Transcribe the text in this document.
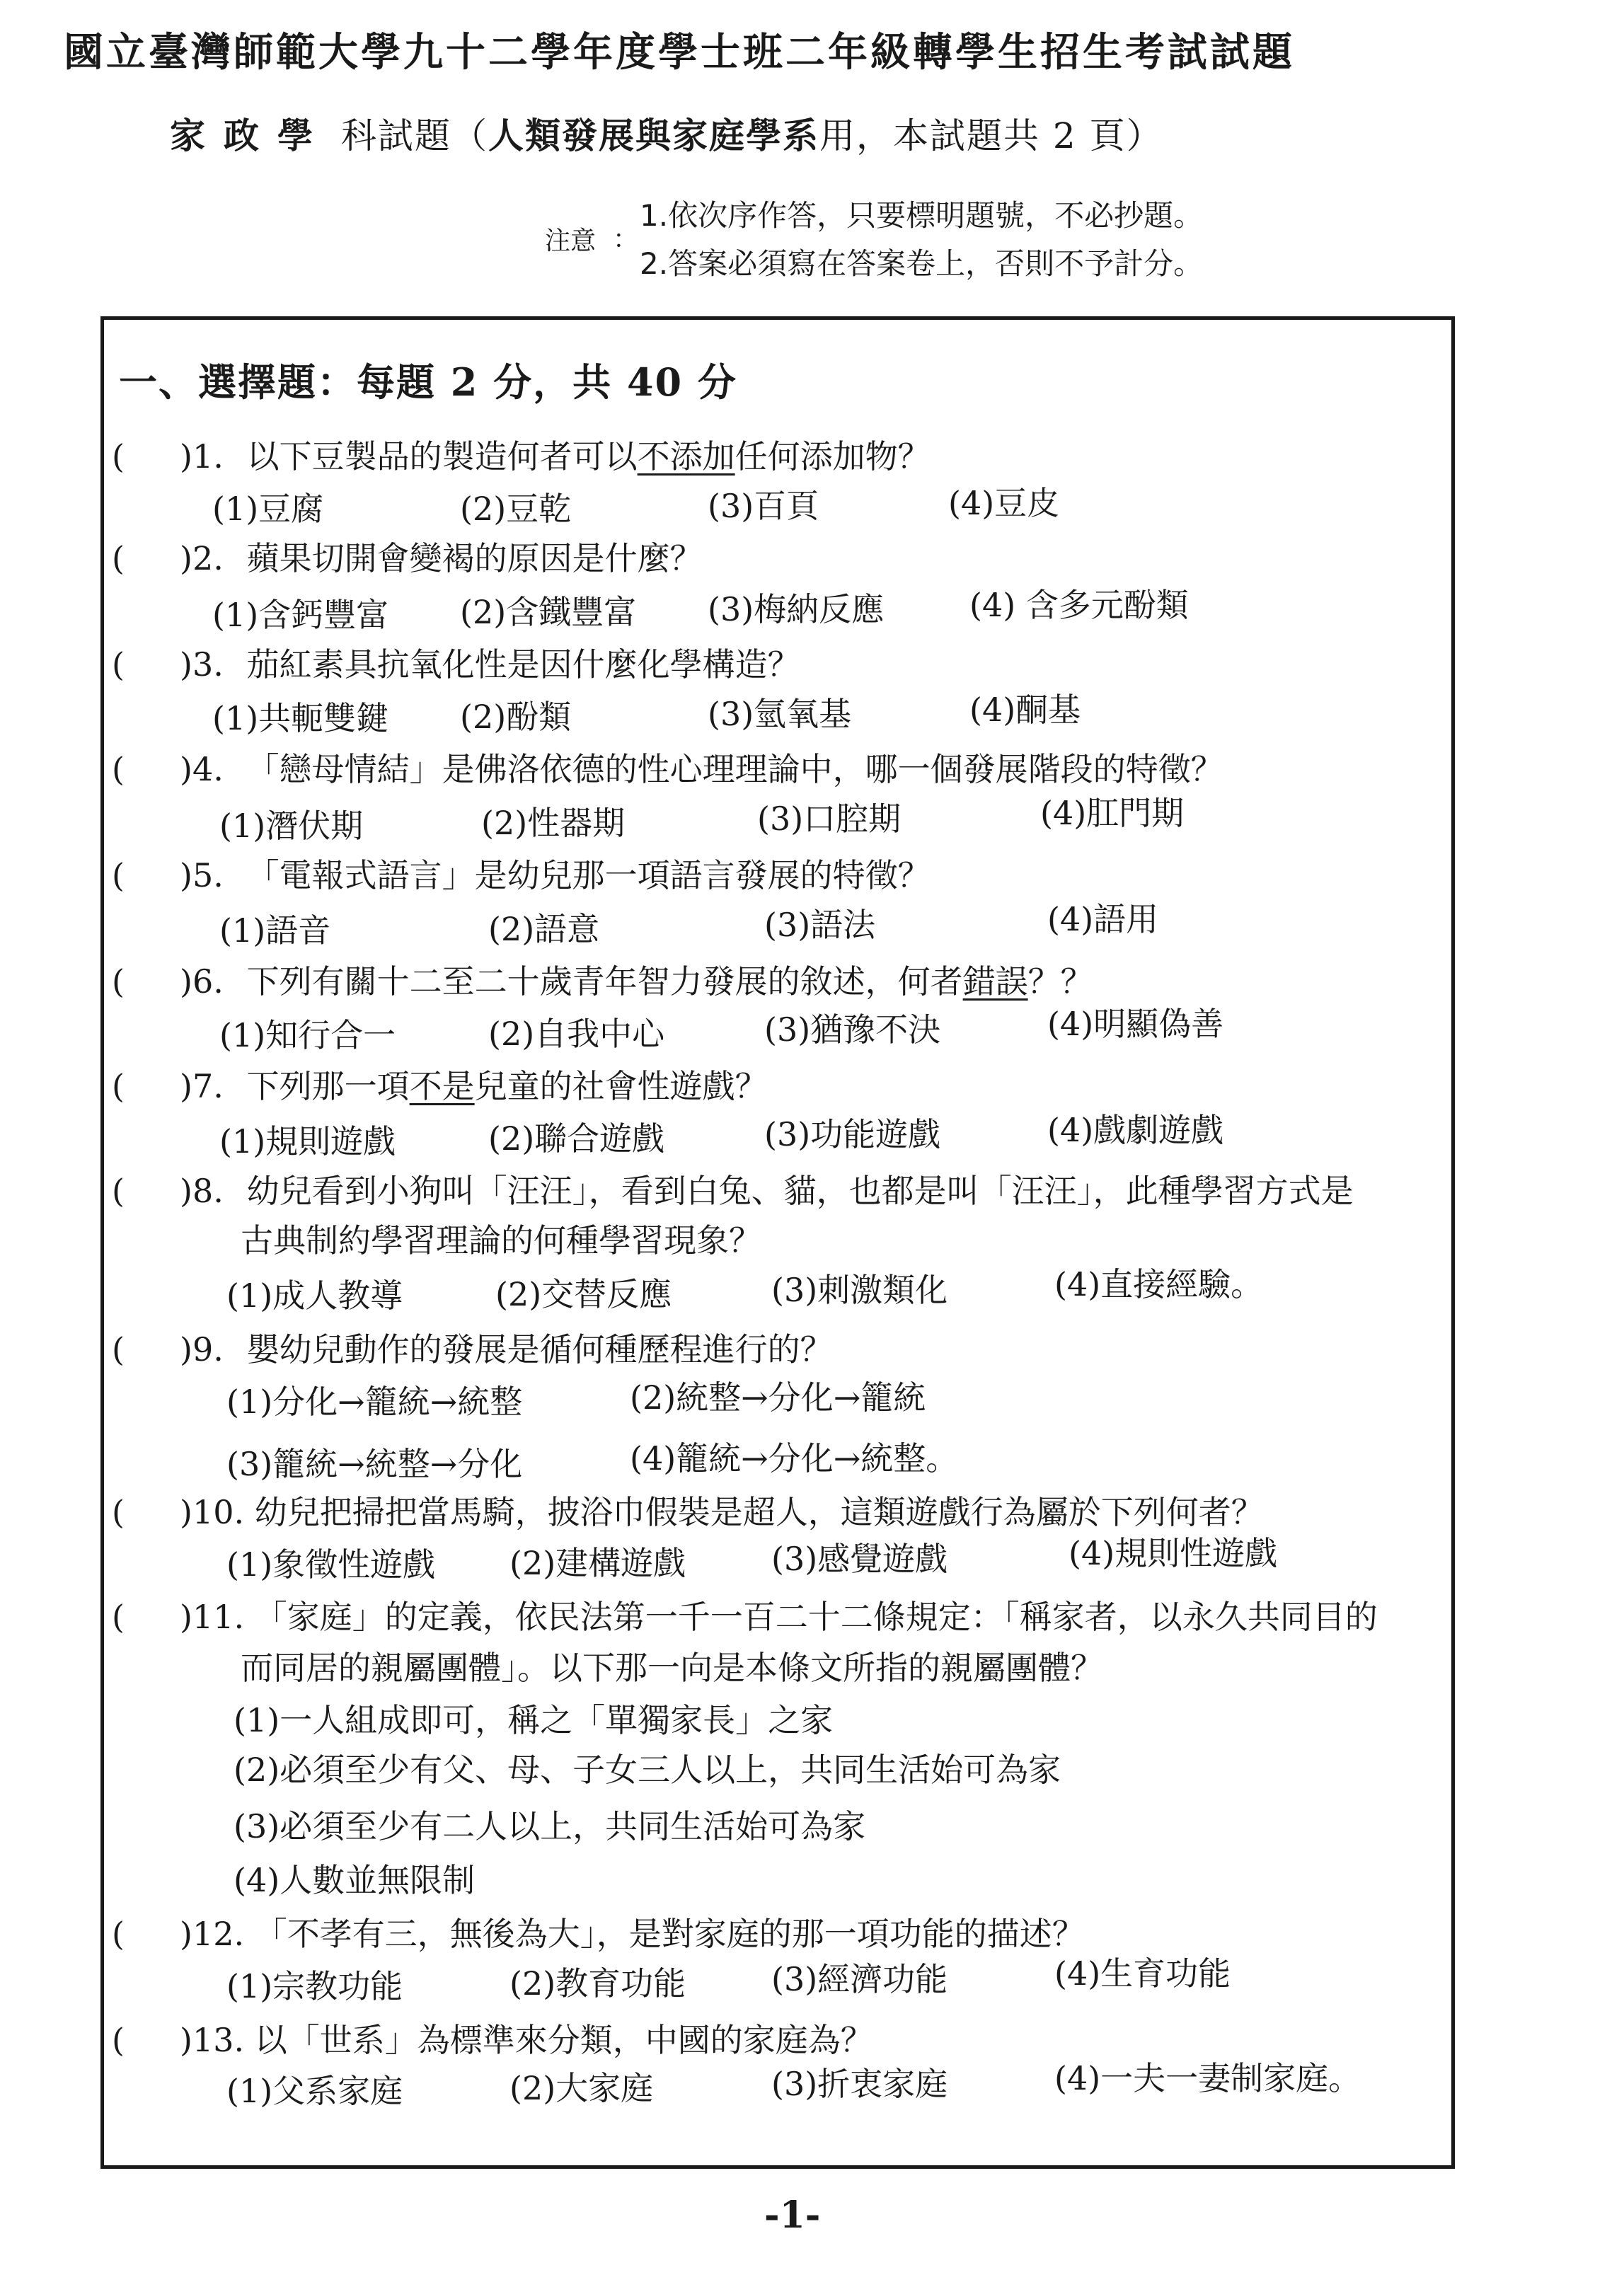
國立臺灣師範大學九十二學年度學士班二年級轉學生招生考試試題
家政學 科試題（人類發展與家庭學系用，本試題共 2 頁）
注意 ：
1.依次序作答，只要標明題號，不必抄題。
2.答案必須寫在答案卷上，否則不予計分。
一、選擇題：每題 2 分，共 40 分
( )1. 以下豆製品的製造何者可以不添加任何添加物？
(1)豆腐	(2)豆乾	(3)百頁	(4)豆皮
( )2. 蘋果切開會變褐的原因是什麼？
(1)含鈣豐富 (2)含鐵豐富 (3)梅納反應	(4) 含多元酚類
( )3. 茄紅素具抗氧化性是因什麼化學構造？
(1)共軛雙鍵 (2)酚類	(3)氫氧基	(4)酮基
( )4. 「戀母情結」是佛洛依德的性心理理論中，哪一個發展階段的特徵？
(1)潛伏期	(2)性器期	(3)口腔期	(4)肛門期
( )5. 「電報式語言」是幼兒那一項語言發展的特徵？
(1)語音	(2)語意	(3)語法	(4)語用
( )6. 下列有關十二至二十歲青年智力發展的敘述，何者錯誤？？
(1)知行合一	(2)自我中心	(3)猶豫不決	(4)明顯偽善
( )7. 下列那一項不是兒童的社會性遊戲？
(1)規則遊戲	(2)聯合遊戲	(3)功能遊戲	(4)戲劇遊戲
( )8. 幼兒看到小狗叫「汪汪」，看到白兔、貓，也都是叫「汪汪」，此種學習方式是
古典制約學習理論的何種學習現象？
(1)成人教導	(2)交替反應	(3)刺激類化	(4)直接經驗。
( )9. 嬰幼兒動作的發展是循何種歷程進行的？
(1)分化→籠統→統整	(2)統整→分化→籠統
(3)籠統→統整→分化	(4)籠統→分化→統整。
( )10. 幼兒把掃把當馬騎，披浴巾假裝是超人，這類遊戲行為屬於下列何者？
(1)象徵性遊戲 (2)建構遊戲	(3)感覺遊戲	(4)規則性遊戲
( )11. 「家庭」的定義，依民法第一千一百二十二條規定：「稱家者，以永久共同目的
而同居的親屬團體」。以下那一向是本條文所指的親屬團體？
(1)一人組成即可，稱之「單獨家長」之家
(2)必須至少有父、母、子女三人以上，共同生活始可為家
(3)必須至少有二人以上，共同生活始可為家
(4)人數並無限制
( )12. 「不孝有三，無後為大」，是對家庭的那一項功能的描述？
(1)宗教功能	(2)教育功能	(3)經濟功能	(4)生育功能
( )13. 以「世系」為標準來分類，中國的家庭為？
(1)父系家庭	(2)大家庭	(3)折衷家庭	(4)一夫一妻制家庭。
-1-
